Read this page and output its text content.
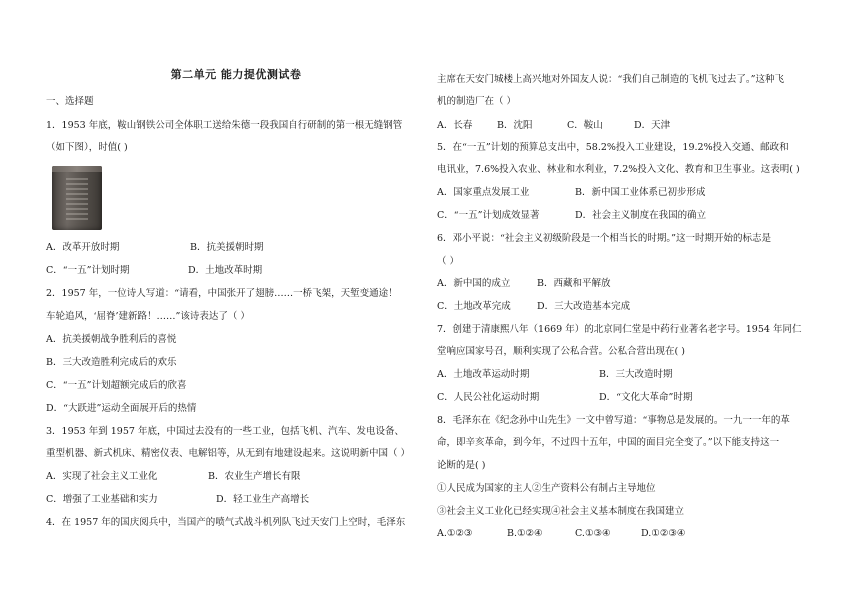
第二单元 能力提优测试卷
一、选择题
1．1953 年底，鞍山钢铁公司全体职工送给朱德一段我国自行研制的第一根无缝钢管
（如下图），时值( )
A．改革开放时期	B．抗美援朝时期
C．“一五”计划时期	D．土地改革时期
2．1957 年，一位诗人写道：“请看，中国张开了翅膀……一桥飞架，天堑变通途！
车轮追风，‘屈脊’建新路！……”该诗表达了（ ）
A．抗美援朝战争胜利后的喜悦
B．三大改造胜利完成后的欢乐
C．“一五”计划超额完成后的欣喜
D．“大跃进”运动全面展开后的热情
3．1953 年到 1957 年底，中国过去没有的一些工业，包括飞机、汽车、发电设备、
重型机器、新式机床、精密仪表、电解铝等，从无到有地建设起来。这说明新中国（ ）
A．实现了社会主义工业化	B．农业生产增长有限
C．增强了工业基础和实力	D．轻工业生产高增长
4．在 1957 年的国庆阅兵中，当国产的喷气式战斗机列队飞过天安门上空时，毛泽东
主席在天安门城楼上高兴地对外国友人说：“我们自己制造的飞机飞过去了。”这种飞
机的制造厂在（ ）
A．长春	B．沈阳	C．鞍山	D．天津
5．在“一五”计划的预算总支出中，58.2%投入工业建设，19.2%投入交通、邮政和
电讯业，7.6%投入农业、林业和水利业，7.2%投入文化、教育和卫生事业。这表明( )
A．国家重点发展工业	B．新中国工业体系已初步形成
C．“一五”计划成效显著	D．社会主义制度在我国的确立
6．邓小平说：“社会主义初级阶段是一个相当长的时期。”这一时期开始的标志是
（ ）
A．新中国的成立	B．西藏和平解放
C．土地改革完成	D．三大改造基本完成
7．创建于清康熙八年（1669 年）的北京同仁堂是中药行业著名老字号。1954 年同仁
堂响应国家号召，顺利实现了公私合营。公私合营出现在( )
A．土地改革运动时期	B．三大改造时期
C．人民公社化运动时期	D．“文化大革命”时期
8．毛泽东在《纪念孙中山先生》一文中曾写道：“事物总是发展的。一九一一年的革
命，即辛亥革命，到今年，不过四十五年，中国的面目完全变了。”以下能支持这一
论断的是( )
①人民成为国家的主人②生产资料公有制占主导地位
③社会主义工业化已经实现④社会主义基本制度在我国建立
A.①②③	B.①②④	C.①③④	D.①②③④
